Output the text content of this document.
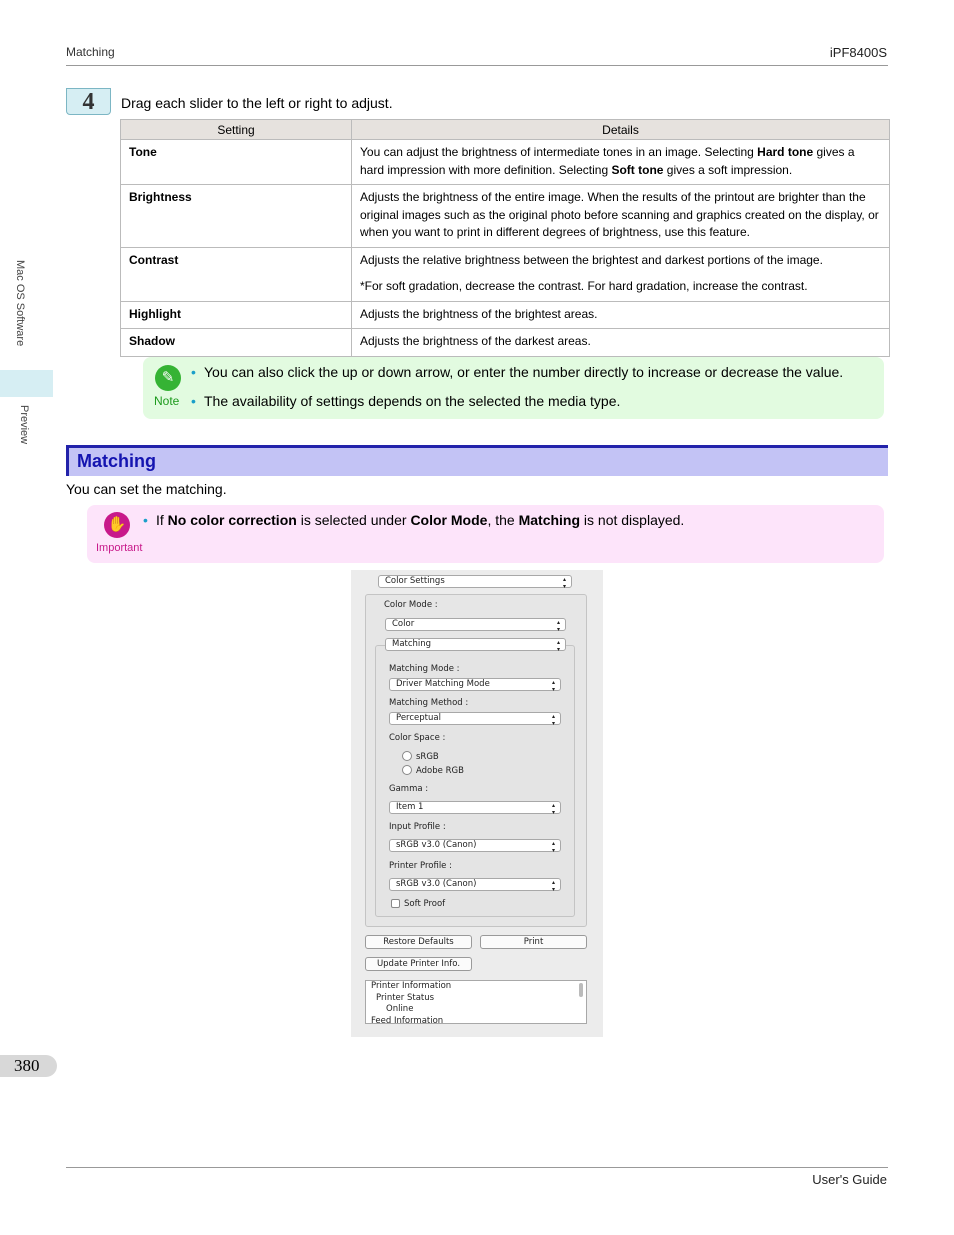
Matching	iPF8400S
Mac OS Software
Preview
380
4	Drag each slider to the left or right to adjust.
Setting	Details
Tone	You can adjust the brightness of intermediate tones in an image. Selecting Hard tone gives a hard impression with more definition. Selecting Soft tone gives a soft impression.
Brightness	Adjusts the brightness of the entire image. When the results of the printout are brighter than the original images such as the original photo before scanning and graphics created on the display, or when you want to print in different degrees of brightness, use this feature.
Contrast	Adjusts the relative brightness between the brightest and darkest portions of the image.

*For soft gradation, decrease the contrast. For hard gradation, increase the contrast.

Highlight	Adjusts the brightness of the brightest areas.
Shadow	Adjusts the brightness of the darkest areas.
✎
Note
• You can also click the up or down arrow, or enter the number directly to increase or decrease the value.
• The availability of settings depends on the selected the media type.
Matching
You can set the matching.
✋
Important
• If No color correction is selected under Color Mode, the Matching is not displayed.
Color Settings ▴▾
Color Mode :
Color ▴▾
Matching ▴▾
Matching Mode :
Driver Matching Mode ▴▾
Matching Method :
Perceptual ▴▾
Color Space :
sRGB
Adobe RGB
Gamma :
Item 1 ▴▾
Input Profile :
sRGB v3.0 (Canon) ▴▾
Printer Profile :
sRGB v3.0 (Canon) ▴▾
Soft Proof
Restore Defaults	Print
Update Printer Info.
Printer Information
Printer Status
Online
Feed Information
User's Guide
